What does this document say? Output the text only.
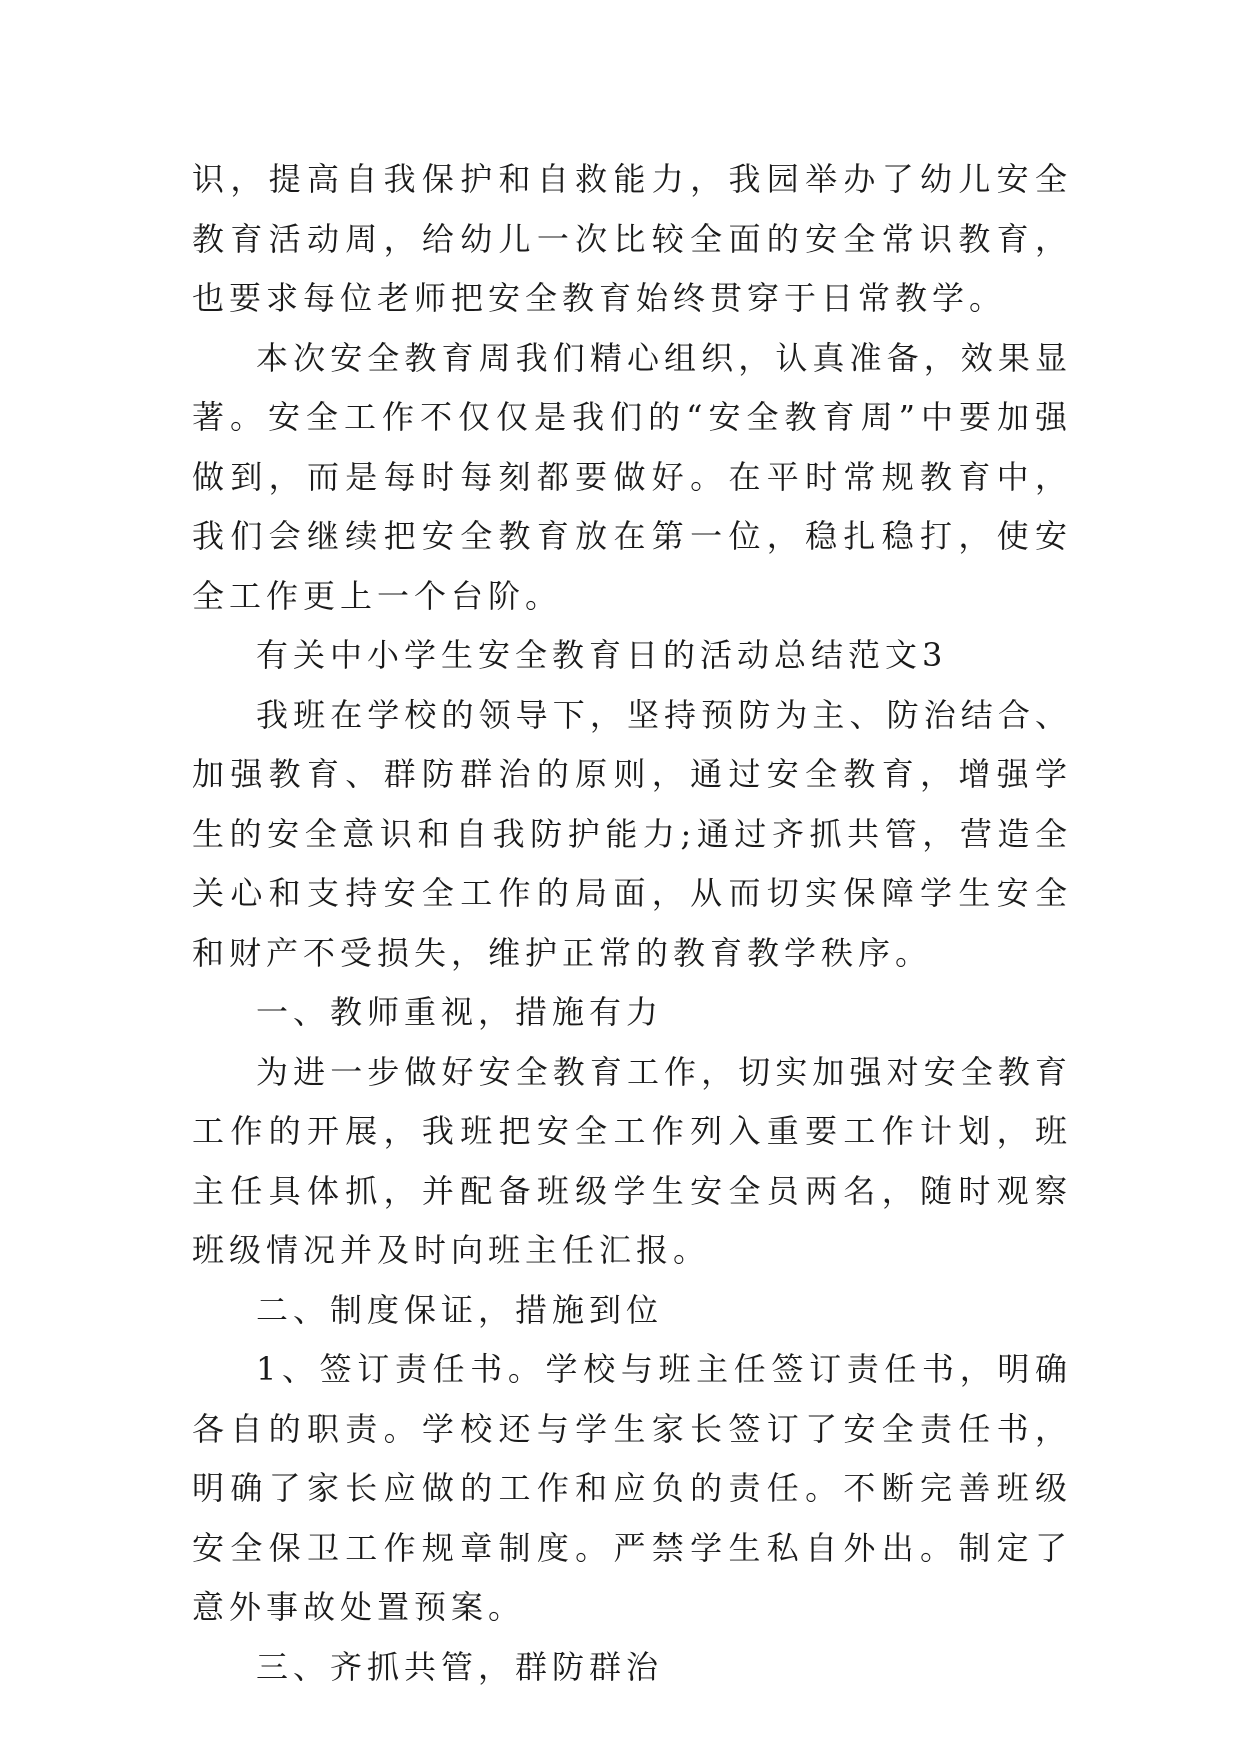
识，提高自我保护和自救能力，我园举办了幼儿安全教育活动周，给幼儿一次比较全面的安全常识教育，也要求每位老师把安全教育始终贯穿于日常教学。

本次安全教育周我们精心组织，认真准备，效果显著。安全工作不仅仅是我们的“安全教育周”中要加强做到，而是每时每刻都要做好。在平时常规教育中，我们会继续把安全教育放在第一位，稳扎稳打，使安全工作更上一个台阶。

有关中小学生安全教育日的活动总结范文3

我班在学校的领导下，坚持预防为主、防治结合、加强教育、群防群治的原则，通过安全教育，增强学生的安全意识和自我防护能力;通过齐抓共管，营造全关心和支持安全工作的局面，从而切实保障学生安全和财产不受损失，维护正常的教育教学秩序。

一、教师重视，措施有力

为进一步做好安全教育工作，切实加强对安全教育工作的开展，我班把安全工作列入重要工作计划，班主任具体抓，并配备班级学生安全员两名，随时观察班级情况并及时向班主任汇报。

二、制度保证，措施到位

1、签订责任书。学校与班主任签订责任书，明确各自的职责。学校还与学生家长签订了安全责任书，明确了家长应做的工作和应负的责任。不断完善班级安全保卫工作规章制度。严禁学生私自外出。制定了意外事故处置预案。

三、齐抓共管，群防群治
